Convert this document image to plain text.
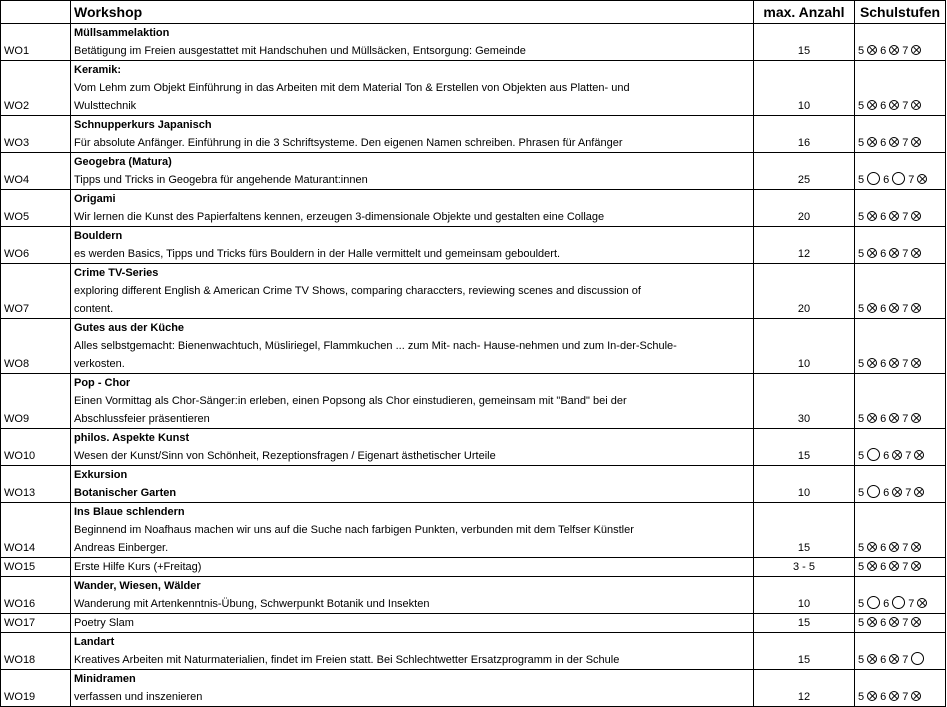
	Workshop	max. Anzahl	Schulstufen
WO1	Müllsammelaktion
Betätigung im Freien ausgestattet mit Handschuhen und Müllsäcken, Entsorgung: Gemeinde	15	5 6 7
WO2	Keramik:
Vom Lehm zum Objekt Einführung in das Arbeiten mit dem Material Ton & Erstellen von Objekten aus Platten- und
Wulsttechnik	10	5 6 7
WO3	Schnupperkurs Japanisch
Für absolute Anfänger. Einführung in die 3 Schriftsysteme. Den eigenen Namen schreiben. Phrasen für Anfänger	16	5 6 7
WO4	Geogebra (Matura)
Tipps und Tricks in Geogebra für angehende Maturant:innen	25	5 6 7
WO5	Origami
Wir lernen die Kunst des Papierfaltens kennen, erzeugen 3-dimensionale Objekte und gestalten eine Collage	20	5 6 7
WO6	Bouldern
es werden Basics, Tipps und Tricks fürs Bouldern in der Halle vermittelt und gemeinsam gebouldert.	12	5 6 7
WO7	Crime TV-Series
exploring different English & American Crime TV Shows, comparing characcters, reviewing scenes and discussion of
content.	20	5 6 7
WO8	Gutes aus der Küche
Alles selbstgemacht: Bienenwachtuch, Müsliriegel, Flammkuchen ... zum Mit- nach- Hause-nehmen und zum In-der-Schule-
verkosten.	10	5 6 7
WO9	Pop - Chor
Einen Vormittag als Chor-Sänger:in erleben, einen Popsong als Chor einstudieren, gemeinsam mit "Band" bei der
Abschlussfeier präsentieren	30	5 6 7
WO10	philos. Aspekte Kunst
Wesen der Kunst/Sinn von Schönheit, Rezeptionsfragen / Eigenart ästhetischer Urteile	15	5 6 7
WO13	Exkursion
Botanischer Garten	10	5 6 7
WO14	Ins Blaue schlendern
Beginnend im Noafhaus machen wir uns auf die Suche nach farbigen Punkten, verbunden mit dem Telfser Künstler
Andreas Einberger.	15	5 6 7
WO15	Erste Hilfe Kurs (+Freitag)	3 - 5	5 6 7
WO16	Wander, Wiesen, Wälder
Wanderung mit Artenkenntnis-Übung, Schwerpunkt Botanik und Insekten	10	5 6 7
WO17	Poetry Slam	15	5 6 7
WO18	Landart
Kreatives Arbeiten mit Naturmaterialien, findet im Freien statt. Bei Schlechtwetter Ersatzprogramm in der Schule	15	5 6 7
WO19	Minidramen
verfassen und inszenieren	12	5 6 7
